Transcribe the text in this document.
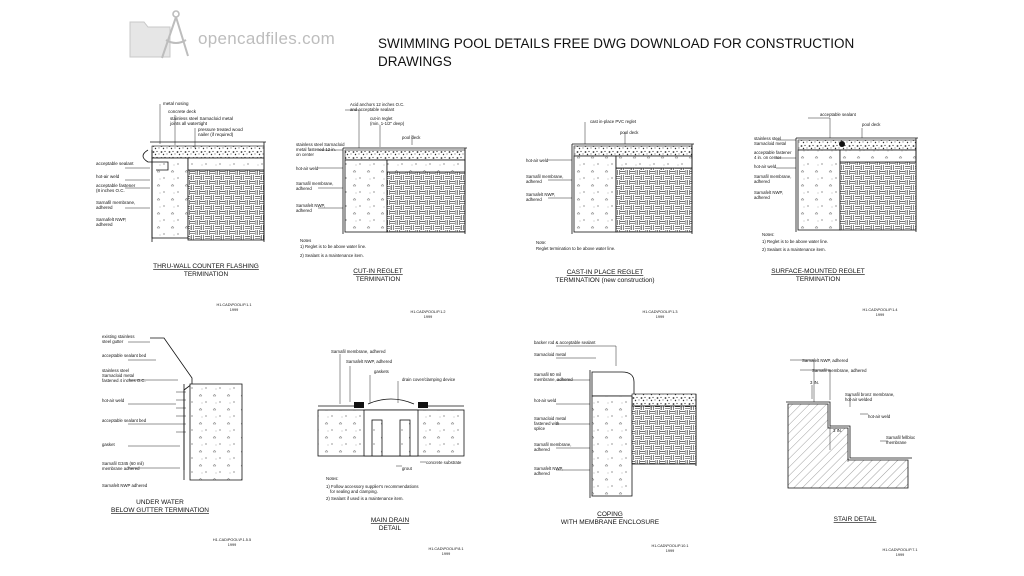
opencadfiles.com	SWIMMING POOL DETAILS FREE DWG DOWNLOAD FOR CONSTRUCTION
DRAWINGS
metal nosing
concrete deck
stainless steel Sarnacloid metal
joints all watertight
pressure treated wood
nailer (if required)
acceptable sealant
hot-air weld
acceptable fastener
(8 inches O.C.
Sarnafil membrane,
adhered
Sarnafelt NWP,
adhered
THRU-WALL COUNTER FLASHING
TERMINATION
H1.CAD\POOL\P.1.1
1999
Acid anchors 12 inches O.C.
and acceptable sealant
cut-in reglet
(min. 1-1/2" deep)
pool deck
stainless steel Sarnacloid
metal fastened 12 in.
on center
hot-air weld
Sarnafil membrane,
adhered
Sarnafelt NWP,
adhered
Notes
1) Reglet is to be above water line.
2) Sealant is a maintenance item.
CUT-IN REGLET
TERMINATION
H1.CAD\POOL\P.1.2
1999
cast in-place PVC reglet
pool deck
hot-air weld
Sarnafil membrane,
adhered
Sarnafelt NWP,
adhered
Note:
Reglet termination to be above water line.
CAST-IN PLACE REGLET
TERMINATION (new construction)
H1.CAD\POOL\P.1.3
1999
acceptable sealant
pool deck
stainless steel
Sarnacloid metal
acceptable fastener
4 in. on center
hot-air weld
Sarnafil membrane,
adhered
Sarnafelt NWP,
adhered
Notes:
1) Reglet is to be above water line.
2) Sealant is a maintenance item.
SURFACE-MOUNTED REGLET
TERMINATION
H1.CAD\POOL\P.1.4
1999
existing stainless
steel gutter
acceptable sealant bed
stainless steel
Sarnacloid metal
fastened 4 inches O.C.
hot-air weld
acceptable sealant bed
gasket
Sarnafil G345 (60 mil)
membrane adhered
Sarnafelt NWP adhered
UNDER WATER
BELOW GUTTER TERMINATION
H1.CAD\POOL\P.1.5.5
1999
Sarnafil membrane, adhered
Sarnafelt NWP, adhered
gaskets
drain cover/clamping device
concrete substrate
grout
Notes:
1) Follow accessory supplier's recommendations
for sealing and clamping.
2) Sealant if used is a maintenance item.
MAIN DRAIN
DETAIL
H1.CAD\POOL\P.8.1
1999
backer rod & acceptable sealant
Sarnacloid metal
Sarnafil 60 mil
membrane, adhered
hot-air weld
Sarnacloid metal
fastened with
splice
Sarnafil membrane,
adhered
Sarnafelt NWP,
adhered
COPING
WITH MEMBRANE ENCLOSURE
H1.CAD\POOL\P.10.1
1999
Sarnafelt NWP, adhered
Sarnafil membrane, adhered
3 IN.
Sarnafil bronz membrane,
hot-air welded
hot-air weld
Sarnafil fellbloc
membrane
3 IN.
STAIR DETAIL
H1.CAD\POOL\P.7.1
1999
